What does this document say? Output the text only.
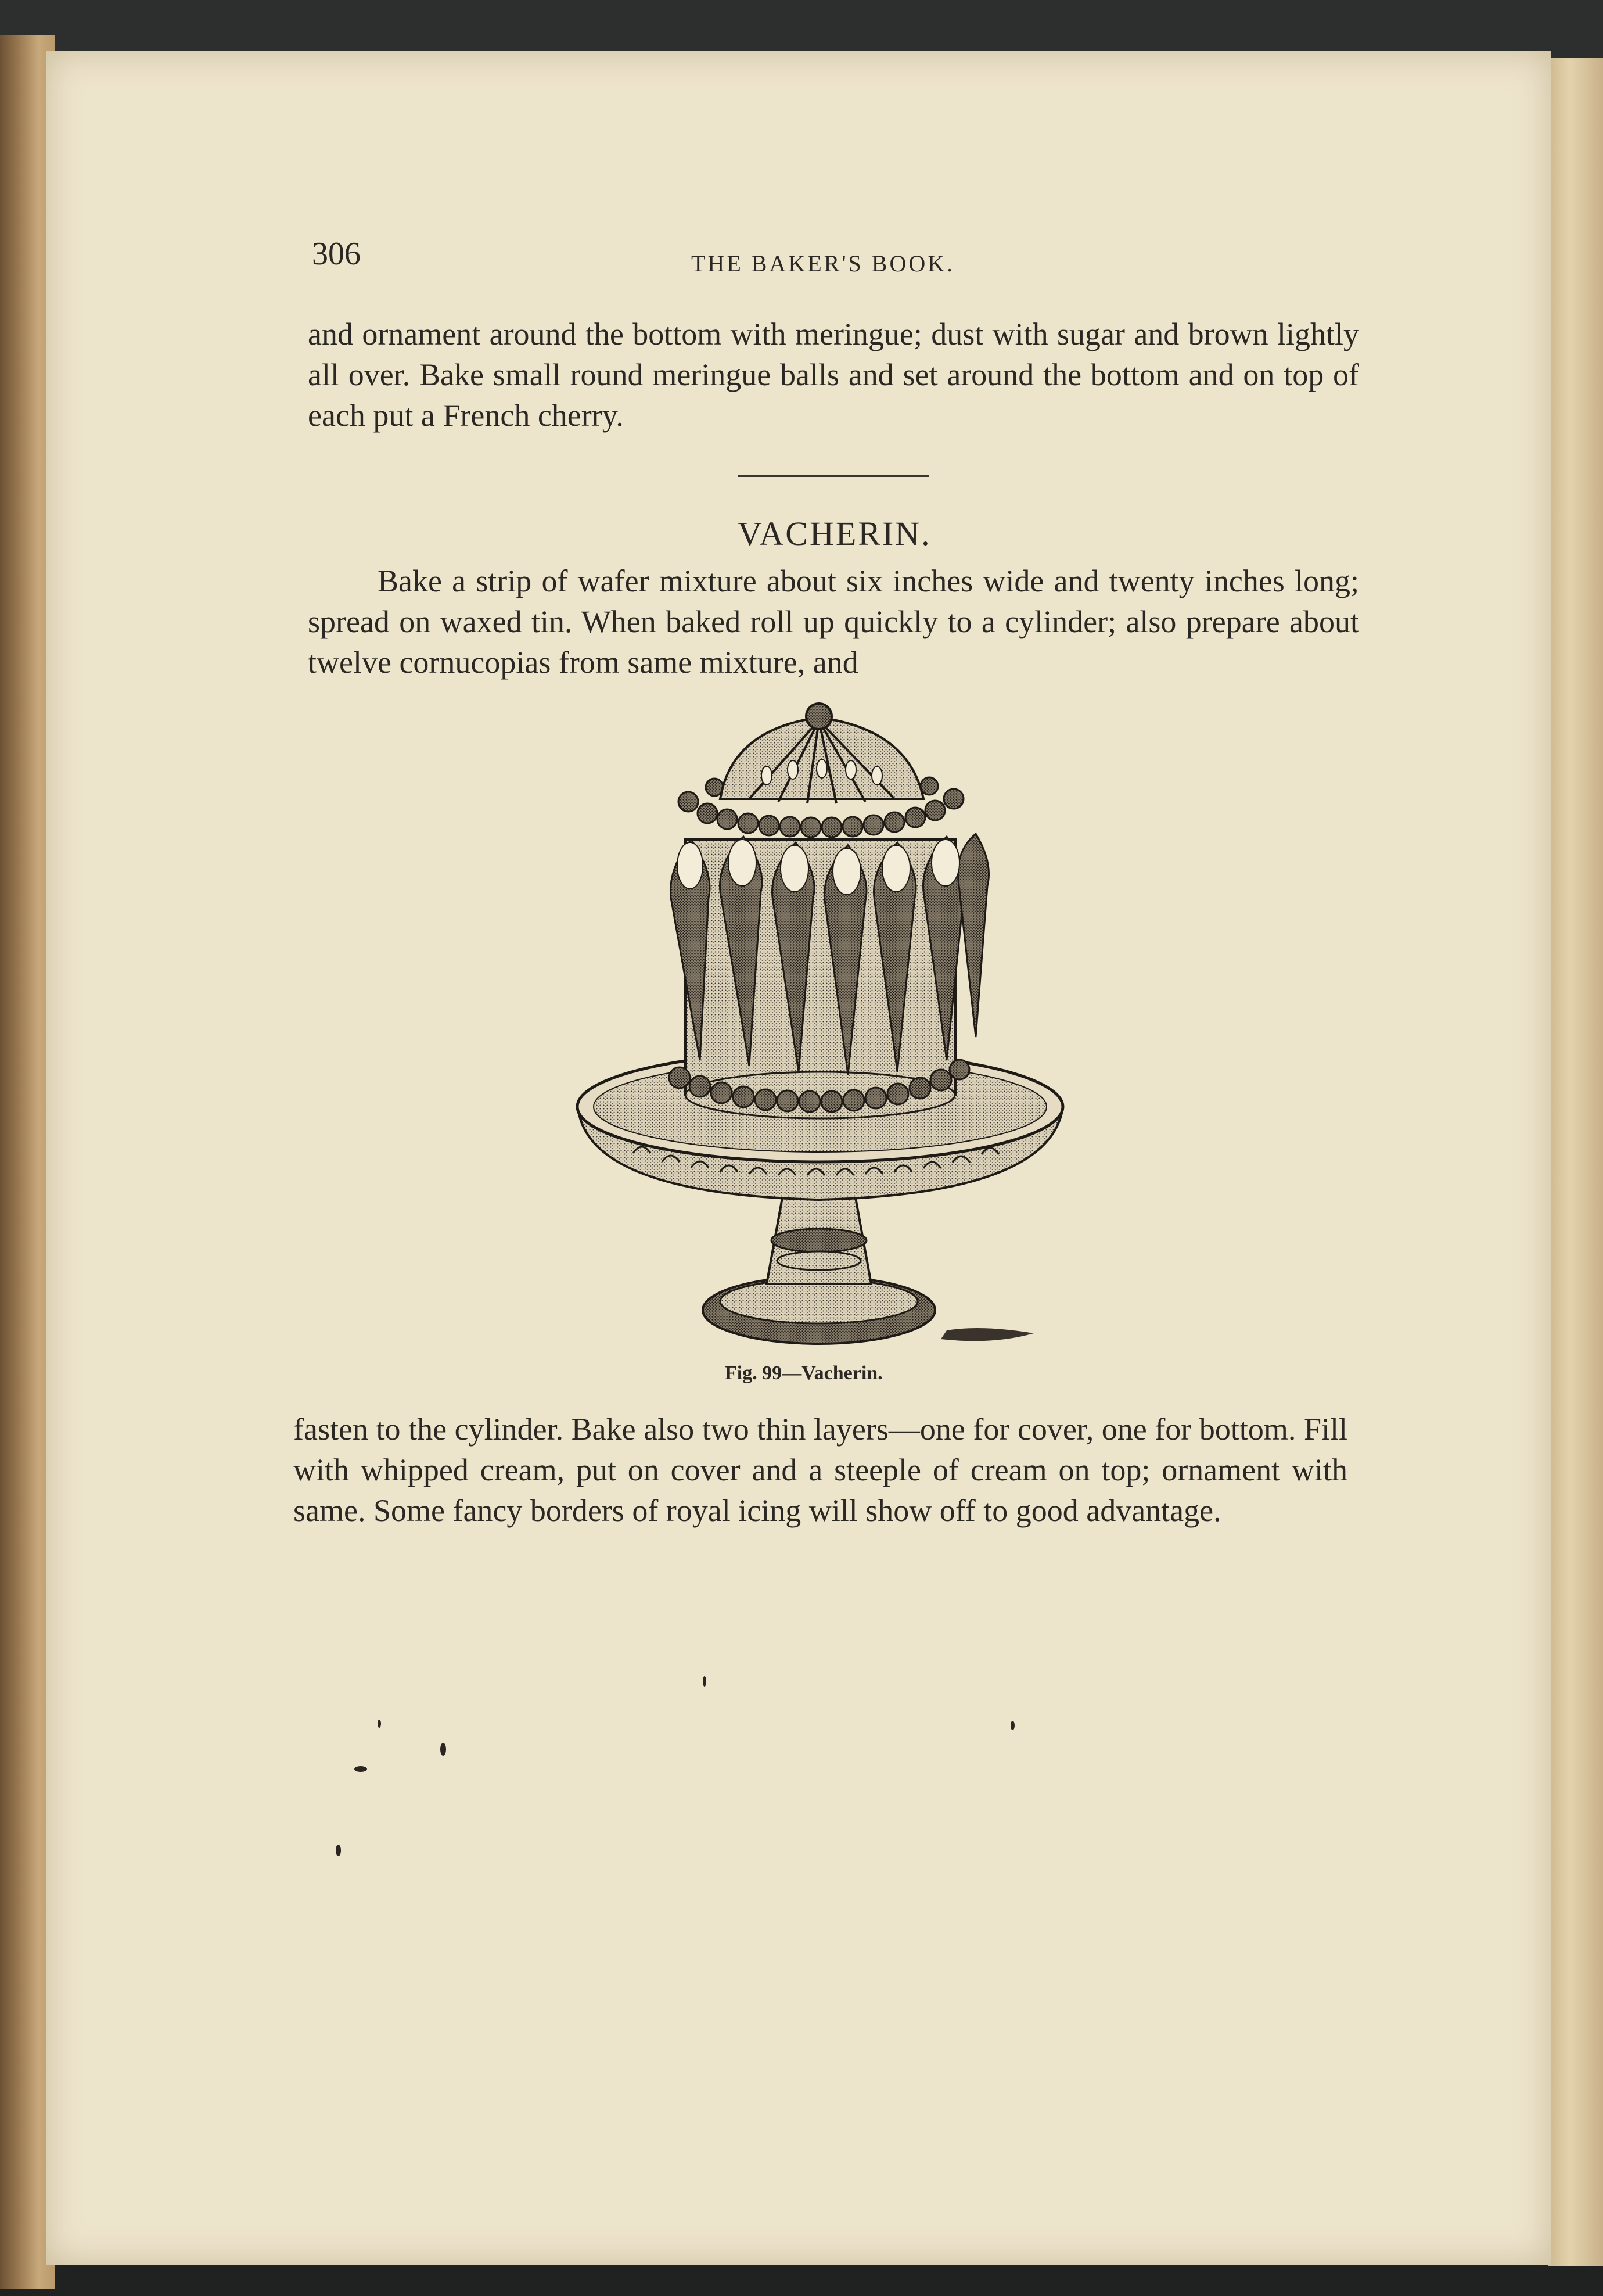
306	THE BAKER'S BOOK.

and ornament around the bottom with meringue; dust with sugar and brown lightly all over. Bake small round meringue balls and set around the bottom and on top of each put a French cherry.

VACHERIN.

Bake a strip of wafer mixture about six inches wide and twenty inches long; spread on waxed tin. When baked roll up quickly to a cylinder; also prepare about twelve cornucopias from same mixture, and

Fig. 99—Vacherin.

fasten to the cylinder. Bake also two thin layers—one for cover, one for bottom. Fill with whipped cream, put on cover and a steeple of cream on top; ornament with same. Some fancy borders of royal icing will show off to good advantage.
